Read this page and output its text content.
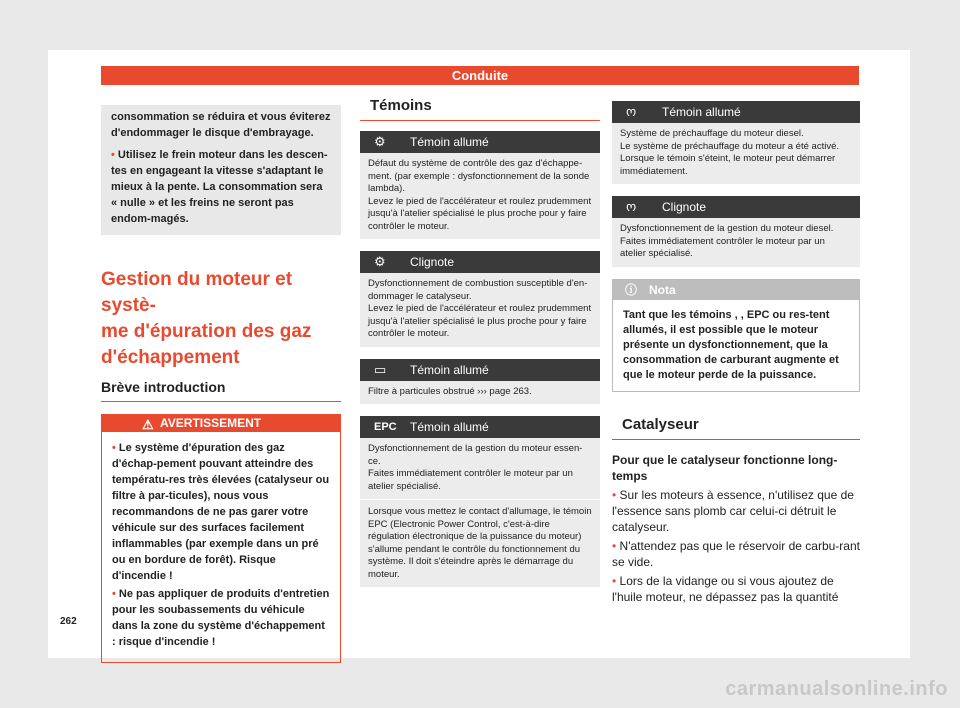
Conduite

consommation se réduira et vous éviterez d'endommager le disque d'embrayage.

• Utilisez le frein moteur dans les descen-tes en engageant la vitesse s'adaptant le mieux à la pente. La consommation sera « nulle » et les freins ne seront pas endom-magés.

Gestion du moteur et systè-
me d'épuration des gaz
d'échappement
Brève introduction
⚠ AVERTISSEMENT

• Le système d'épuration des gaz d'échap-pement pouvant atteindre des températu-res très élevées (catalyseur ou filtre à par-ticules), nous vous recommandons de ne pas garer votre véhicule sur des surfaces facilement inflammables (par exemple dans un pré ou en bordure de forêt). Risque d'incendie !

• Ne pas appliquer de produits d'entretien pour les soubassements du véhicule dans la zone du système d'échappement : risque d'incendie !

Témoins
⚙ Témoin allumé
Défaut du système de contrôle des gaz d'échappe-ment. (par exemple : dysfonctionnement de la sonde lambda).
Levez le pied de l'accélérateur et roulez prudemment jusqu'à l'atelier spécialisé le plus proche pour y faire contrôler le moteur.
⚙ Clignote
Dysfonctionnement de combustion susceptible d'en-dommager le catalyseur.
Levez le pied de l'accélérateur et roulez prudemment jusqu'à l'atelier spécialisé le plus proche pour y faire contrôler le moteur.
▭ Témoin allumé
Filtre à particules obstrué ››› page 263.
EPC Témoin allumé
Dysfonctionnement de la gestion du moteur essen-ce.
Faites immédiatement contrôler le moteur par un atelier spécialisé.
Lorsque vous mettez le contact d'allumage, le témoin EPC (Electronic Power Control, c'est-à-dire régulation électronique de la puissance du moteur) s'allume pendant le contrôle du fonctionnement du système. Il doit s'éteindre après le démarrage du moteur.
ო Témoin allumé
Système de préchauffage du moteur diesel.
Le système de préchauffage du moteur a été activé. Lorsque le témoin s'éteint, le moteur peut démarrer immédiatement.
ო Clignote
Dysfonctionnement de la gestion du moteur diesel. Faites immédiatement contrôler le moteur par un atelier spécialisé.
ⓘ Nota
Tant que les témoins , , EPC ou res-tent allumés, il est possible que le moteur présente un dysfonctionnement, que la consommation de carburant augmente et que le moteur perde de la puissance.
Catalyseur

Pour que le catalyseur fonctionne long-temps

• Sur les moteurs à essence, n'utilisez que de l'essence sans plomb car celui-ci détruit le catalyseur.

• N'attendez pas que le réservoir de carbu-rant se vide.

• Lors de la vidange ou si vous ajoutez de l'huile moteur, ne dépassez pas la quantité

262
carmanualsonline.info
